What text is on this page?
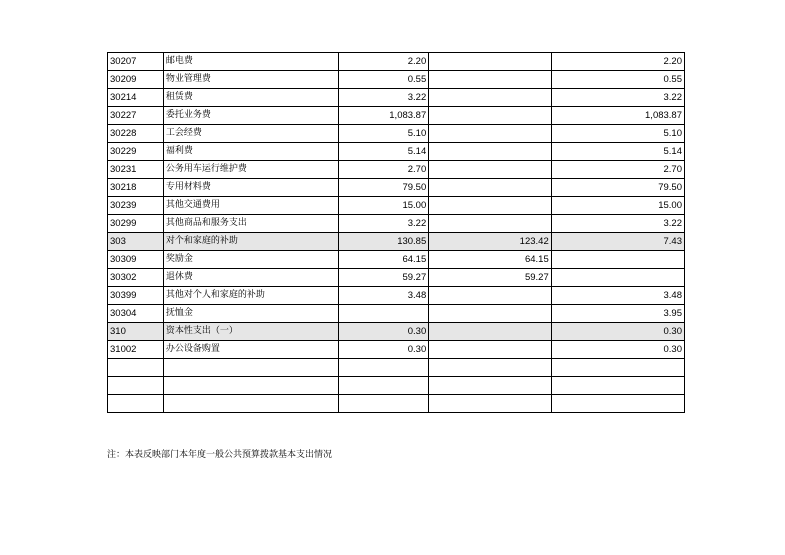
30207	邮电费	2.20		2.20
30209	物业管理费	0.55		0.55
30214	租赁费	3.22		3.22
30227	委托业务费	1,083.87		1,083.87
30228	工会经费	5.10		5.10
30229	福利费	5.14		5.14
30231	公务用车运行维护费	2.70		2.70
30218	专用材料费	79.50		79.50
30239	其他交通费用	15.00		15.00
30299	其他商品和服务支出	3.22		3.22
303	对个和家庭的补助	130.85	123.42	7.43
30309	奖励金	64.15	64.15	
30302	退休费	59.27	59.27	
30399	其他对个人和家庭的补助	3.48		3.48
30304	抚恤金			3.95
310	资本性支出（一）	0.30		0.30
31002	办公设备购置	0.30		0.30

注：本表反映部门本年度一般公共预算拨款基本支出情况
